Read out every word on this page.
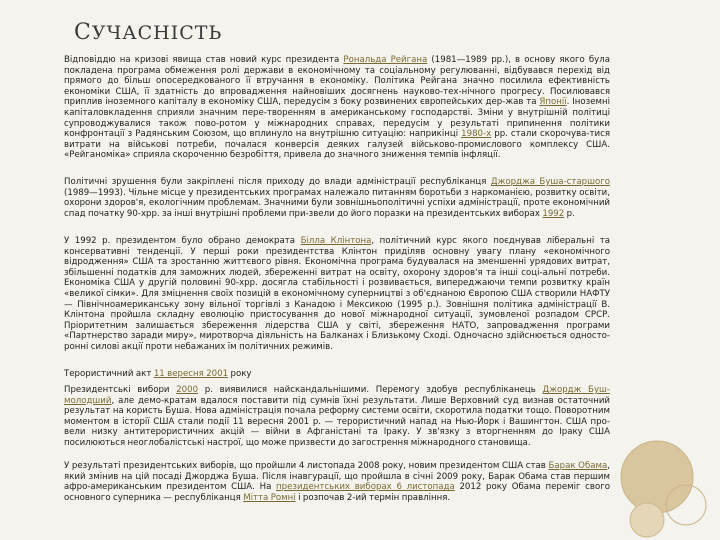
СУЧАСНІСТЬ

Відповіддю на кризові явища став новий курс президента Рональда Рейгана (1981—1989 рр.), в основу якого була покладена програма обмеження ролі держави в економічному та соціальному регулюванні, відбувався перехід від прямого до більш опосередкованого її втручання в економіку. Політика Рейгана значно посилила ефективність економіки США, її здатність до впровадження найновіших досягнень науково-тех-нічного прогресу. Посилювався приплив іноземного капіталу в економіку США, передусім з боку розвинених європейських дер-жав та Японії. Іноземні капіталовкладення сприяли значним пере-творенням в американському господарстві. Зміни у внутрішній політиці супроводжувалися також пово-ротом у міжнародних справах, передусім у результаті припинення політики конфронтації з Радянським Союзом, що вплинуло на внутрішню ситуацію: наприкінці 1980-х рр. стали скорочува-тися витрати на військові потреби, почалася конверсія деяких галузей військово-промислового комплексу США. «Рейганоміка» сприяла скороченню безробіття, привела до значного зниження темпів інфляції.

Політичні зрушення були закріплені після приходу до влади адміністрації республіканця Джорджа Буша-старшого (1989—1993). Чільне місце у президентських програмах належало питанням боротьби з наркоманією, розвитку освіти, охорони здоров'я, екологічним проблемам. Значними були зовнішньополітичні успіхи адміністрації, проте економічний спад початку 90-хрр. за інші внутрішні проблеми при-звели до його поразки на президентських виборах 1992 р.

У 1992 р. президентом було обрано демократа Білла Клінтона, політичний курс якого поєднував ліберальні та консервативні тенденції. У перші роки президентства Клінтон приділяв основну увагу плану «економічного відродження» США та зростанню життєвого рівня. Економічна програма будувалася на зменшенні урядових витрат, збільшенні податків для заможних людей, збереженні витрат на освіту, охорону здоров'я та інші соці-альні потреби. Економіка США у другій половині 90-хрр. досягла стабільності і розвивається, випереджаючи темпи розвитку країн «великої сімки». Для зміцнення своїх позицій в економічному суперництві з об'єднаною Європою США створили НАФТУ — Північноамериканську зону вільної торгівлі з Канадою і Мексикою (1995 р.). Зовнішня політика адміністрації В. Клінтона пройшла складну еволюцію пристосування до нової міжнародної ситуації, зумовленої розпадом СРСР. Пріоритетним залишається збереження лідерства США у світі, збереження НАТО, запровадження програми «Партнерство заради миру», миротворча діяльність на Балканах і Близькому Сході. Одночасно здійснюється односто-ронні силові акції проти небажаних їм політичних режимів.

Терористичний акт 11 вересня 2001 року

Президентські вибори 2000 р. виявилися найскандальнішими. Перемогу здобув республіканець Джордж Буш-молодший, але демо-кратам вдалося поставити під сумнів їхні результати. Лише Верховний суд визнав остаточний результат на користь Буша. Нова адміністрація почала реформу системи освіти, скоротила податки тощо. Поворотним моментом в історії США стали події 11 вересня 2001 р. — терористичний напад на Нью-Йорк і Вашингтон. США про-вели низку антитерористичних акцій — війни в Афганістані та Іраку. У зв'язку з вторгненням до Іраку США посилюються неоглобалістські настрої, що може призвести до загострення міжнародного становища.

У результаті президентських виборів, що пройшли 4 листопада 2008 року, новим президентом США став Барак Обама, який змінив на цій посаді Джорджа Буша. Після інавгурації, що пройшла в січні 2009 року, Барак Обама став першим афро-американським президентом США. На президентських виборах 6 листопада 2012 року Обама переміг свого основного суперника — республіканця Мітта Ромні і розпочав 2-ий термін правління.
